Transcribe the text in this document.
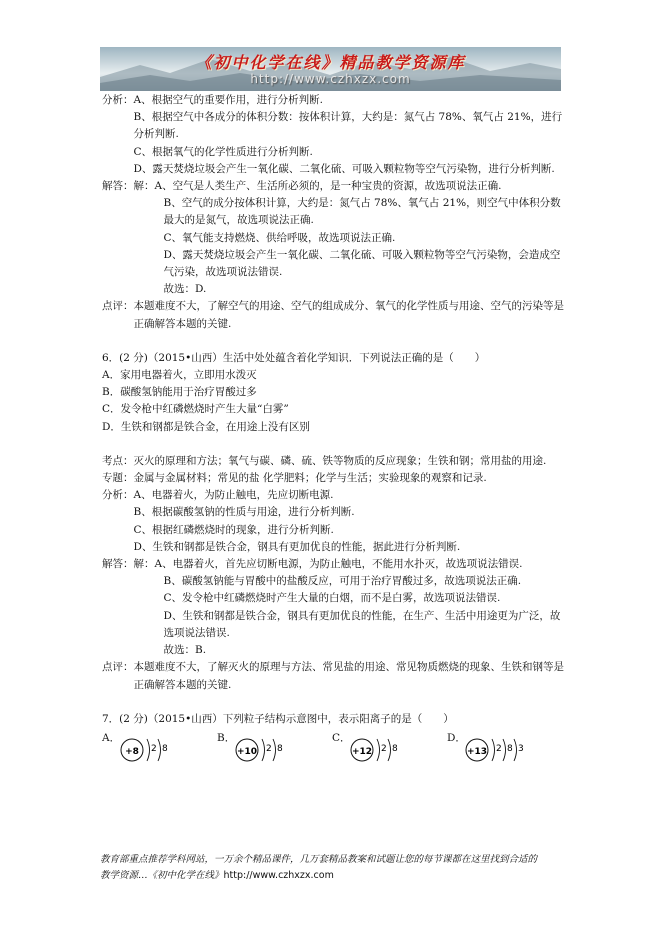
《初中化学在线》精品教学资源库
http://www.czhxzx.com
分析： A、根据空气的重要作用，进行分析判断.
B、根据空气中各成分的体积分数：按体积计算，大约是：氮气占 78%、氧气占 21%，进行分析判断.
C、根据氧气的化学性质进行分析判断.
D、露天焚烧垃圾会产生一氧化碳、二氧化硫、可吸入颗粒物等空气污染物，进行分析判断.
解答： 解：A、空气是人类生产、生活所必须的，是一种宝贵的资源，故选项说法正确.
B、空气的成分按体积计算，大约是：氮气占 78%、氧气占 21%，则空气中体积分数最大的是氮气，故选项说法正确.
C、氧气能支持燃烧、供给呼吸，故选项说法正确.
D、露天焚烧垃圾会产生一氧化碳、二氧化硫、可吸入颗粒物等空气污染物，会造成空气污染，故选项说法错误.
故选：D.
点评： 本题难度不大，了解空气的用途、空气的组成成分、氧气的化学性质与用途、空气的污染等是正确解答本题的关键.
6．(2 分)（2015•山西）生活中处处蕴含着化学知识．下列说法正确的是（　　）
A．家用电器着火，立即用水泼灭
B．碳酸氢钠能用于治疗胃酸过多
C．发令枪中红磷燃烧时产生大量“白雾”
D．生铁和钢都是铁合金，在用途上没有区别
考点： 灭火的原理和方法；氧气与碳、磷、硫、铁等物质的反应现象；生铁和钢；常用盐的用途.
专题： 金属与金属材料；常见的盐 化学肥料；化学与生活；实验现象的观察和记录.
分析： A、电器着火，为防止触电，先应切断电源.
B、根据碳酸氢钠的性质与用途，进行分析判断.
C、根据红磷燃烧时的现象，进行分析判断.
D、生铁和钢都是铁合金，钢具有更加优良的性能，据此进行分析判断.
解答： 解：A、电器着火，首先应切断电源，为防止触电，不能用水扑灭，故选项说法错误.
B、碳酸氢钠能与胃酸中的盐酸反应，可用于治疗胃酸过多，故选项说法正确.
C、发令枪中红磷燃烧时产生大量的白烟，而不是白雾，故选项说法错误.
D、生铁和钢都是铁合金，钢具有更加优良的性能，在生产、生活中用途更为广泛，故选项说法错误.
故选：B.
点评： 本题难度不大，了解灭火的原理与方法、常见盐的用途、常见物质燃烧的现象、生铁和钢等是正确解答本题的关键.
7．(2 分)（2015•山西）下列粒子结构示意图中，表示阳离子的是（　　）
A．
+8 2 8
B．
+10 2 8
C．
+12 2 8
D．
+13 2 8 3
教育部重点推荐学科网站，一万余个精品课件，几万套精品教案和试题让您的每节课都在这里找到合适的
教学资源…《初中化学在线》http://www.czhxzx.com
